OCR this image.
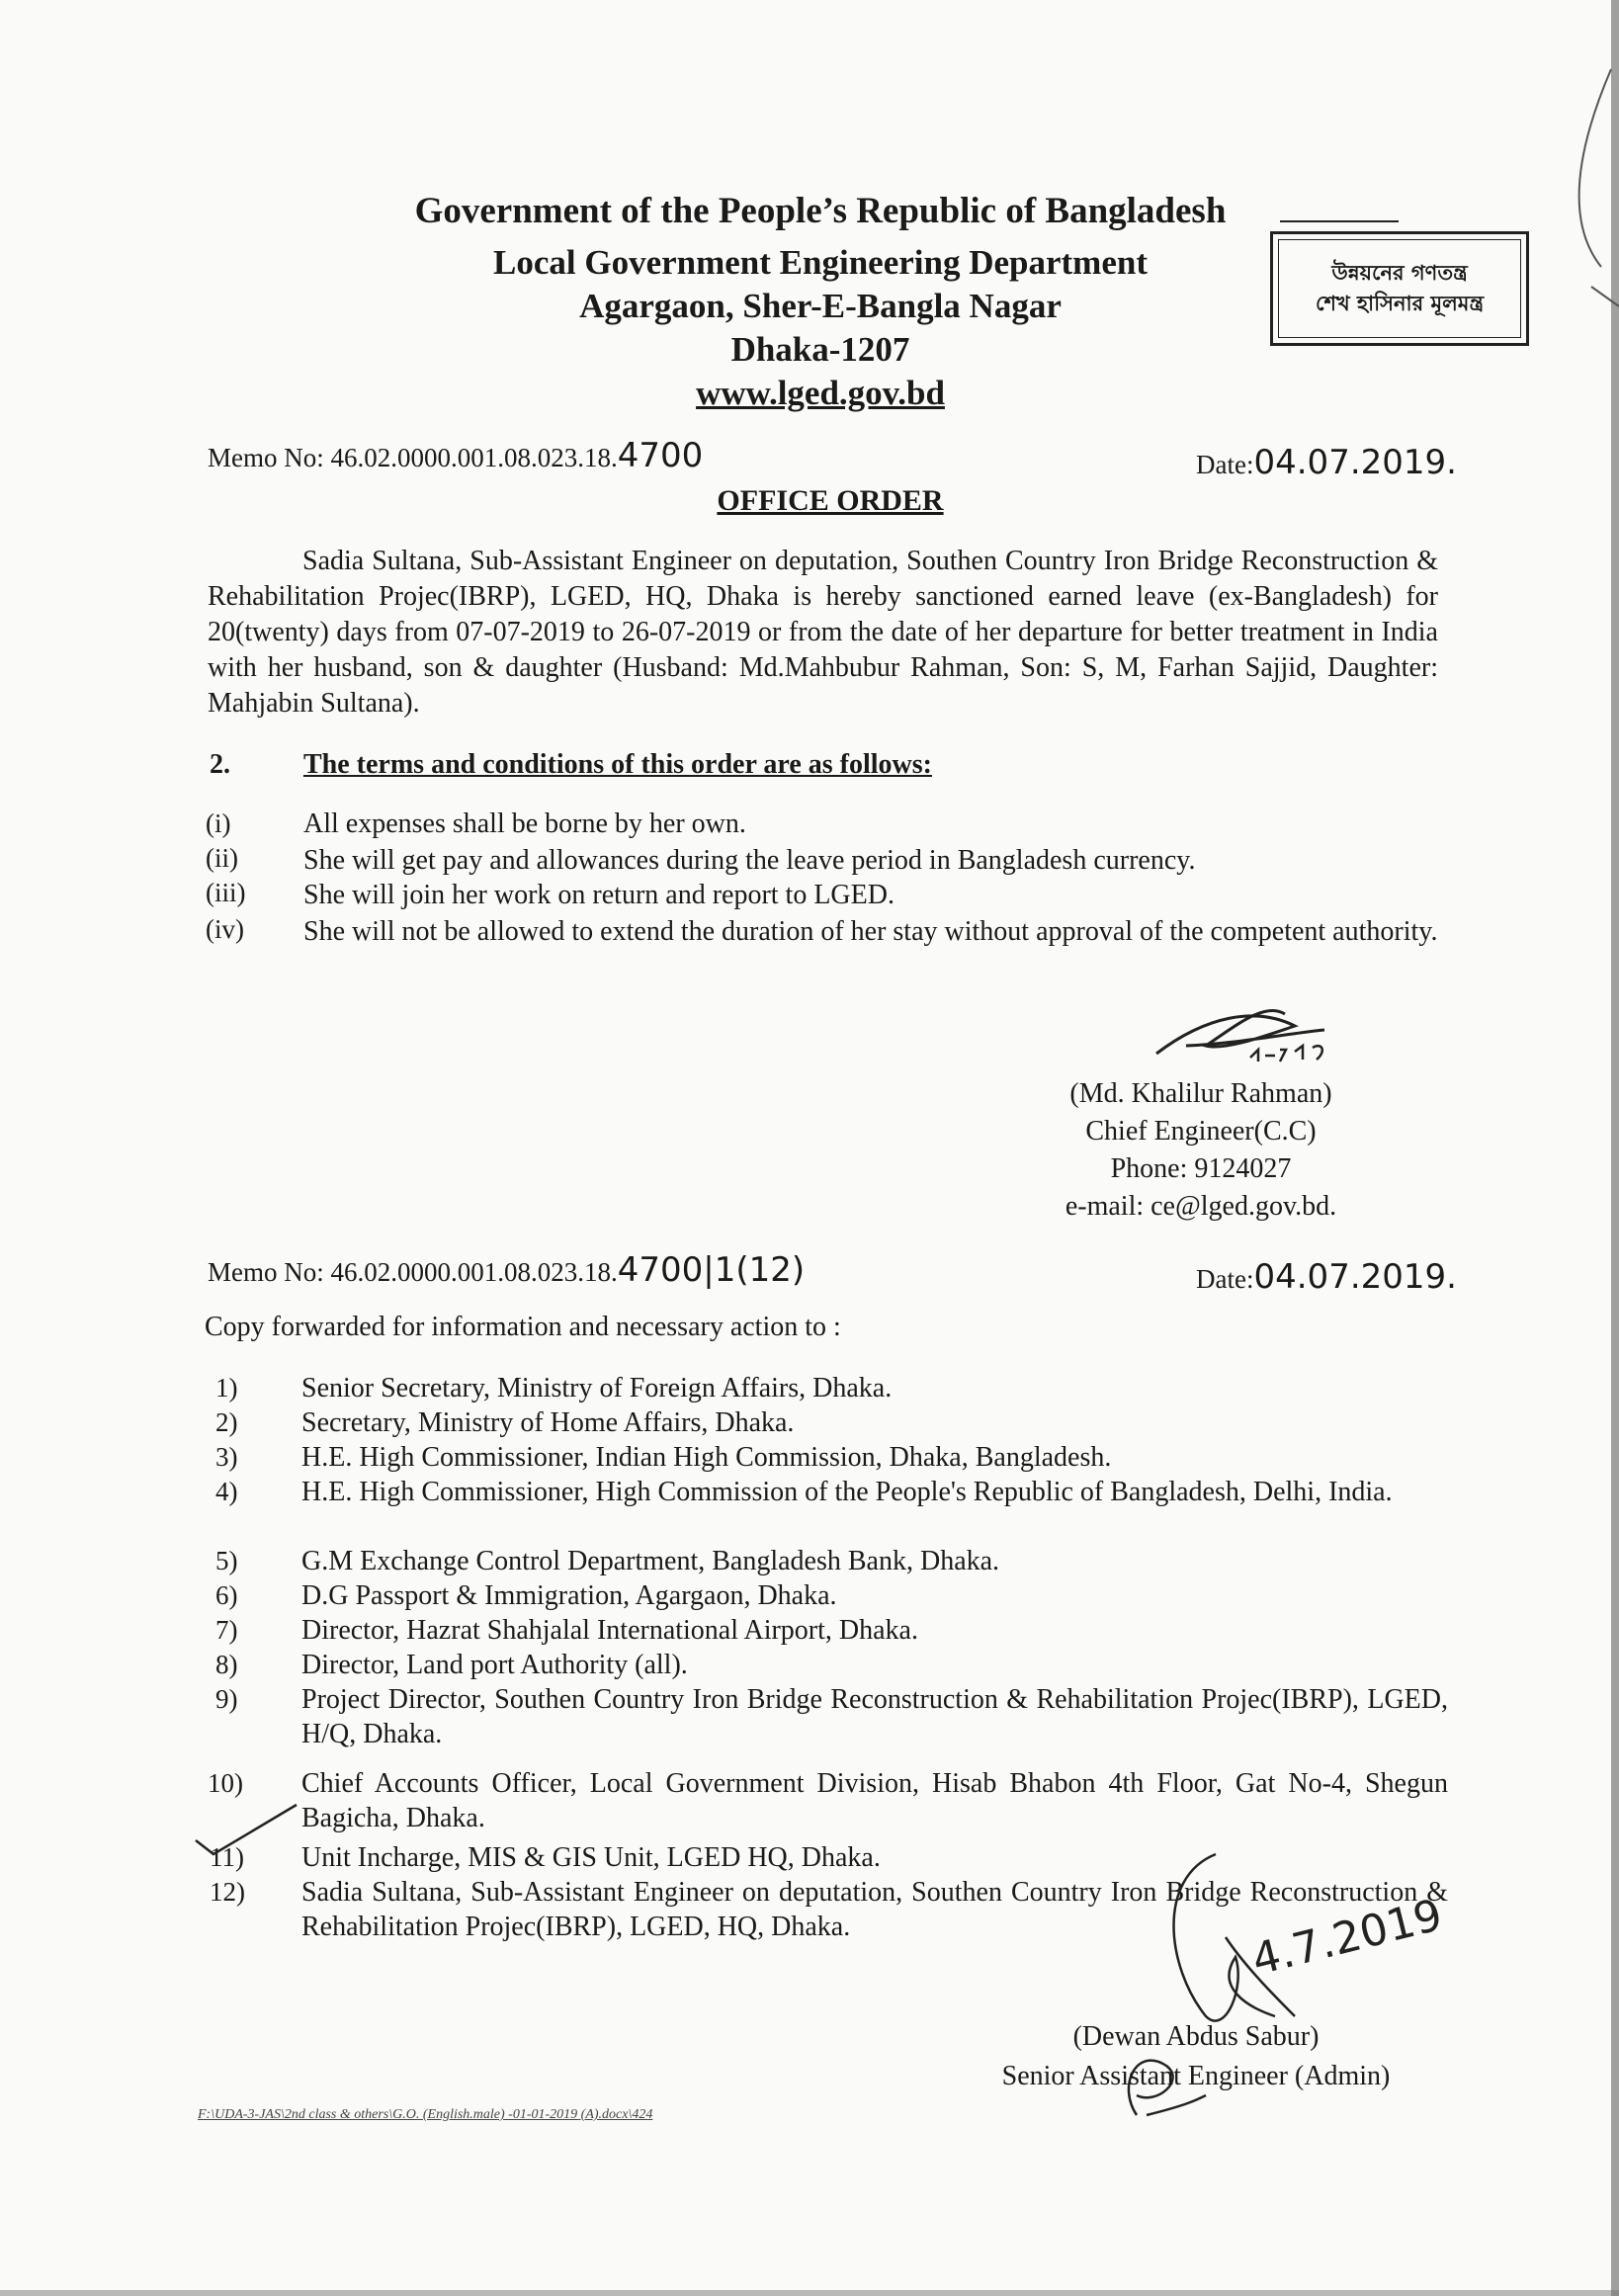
Government of the People’s Republic of Bangladesh
Local Government Engineering Department
Agargaon, Sher-E-Bangla Nagar
Dhaka-1207
www.lged.gov.bd
উন্নয়নের গণতন্ত্র
শেখ হাসিনার মূলমন্ত্র
Memo No: 46.02.0000.001.08.023.18.4700	Date:04.07.2019.
OFFICE ORDER
Sadia Sultana, Sub-Assistant Engineer on deputation, Southen Country Iron Bridge Reconstruction & Rehabilitation Projec(IBRP), LGED, HQ, Dhaka is hereby sanctioned earned leave (ex-Bangladesh) for 20(twenty) days from 07-07-2019 to 26-07-2019 or from the date of her departure for better treatment in India with her husband, son & daughter (Husband: Md.Mahbubur Rahman, Son: S, M, Farhan Sajjid, Daughter: Mahjabin Sultana).
2.	The terms and conditions of this order are as follows:
(i)	All expenses shall be borne by her own.
(ii) She will get pay and allowances during the leave period in Bangladesh currency.
(iii) She will join her work on return and report to LGED.
(iv) She will not be allowed to extend the duration of her stay without approval of the competent authority.
(Md. Khalilur Rahman)
Chief Engineer(C.C)
Phone: 9124027
e-mail: ce@lged.gov.bd.
Memo No: 46.02.0000.001.08.023.18.4700|1(12)	Date:04.07.2019.
Copy forwarded for information and necessary action to :
1) Senior Secretary, Ministry of Foreign Affairs, Dhaka.
2) Secretary, Ministry of Home Affairs, Dhaka.
3) H.E. High Commissioner, Indian High Commission, Dhaka, Bangladesh.
4) H.E. High Commissioner, High Commission of the People's Republic of Bangladesh, Delhi, India.
5) G.M Exchange Control Department, Bangladesh Bank, Dhaka.
6) D.G Passport & Immigration, Agargaon, Dhaka.
7) Director, Hazrat Shahjalal International Airport, Dhaka.
8) Director, Land port Authority (all).
9) Project Director, Southen Country Iron Bridge Reconstruction & Rehabilitation Projec(IBRP), LGED, H/Q, Dhaka.
10) Chief Accounts Officer, Local Government Division, Hisab Bhabon 4th Floor, Gat No-4, Shegun Bagicha, Dhaka.
11) Unit Incharge, MIS & GIS Unit, LGED HQ, Dhaka.
12) Sadia Sultana, Sub-Assistant Engineer on deputation, Southen Country Iron Bridge Reconstruction & Rehabilitation Projec(IBRP), LGED, HQ, Dhaka.	4.7.2019
(Dewan Abdus Sabur)
Senior Assistant Engineer (Admin)
F:\UDA-3-JAS\2nd class & others\G.O. (English.male) -01-01-2019 (A).docx\424
